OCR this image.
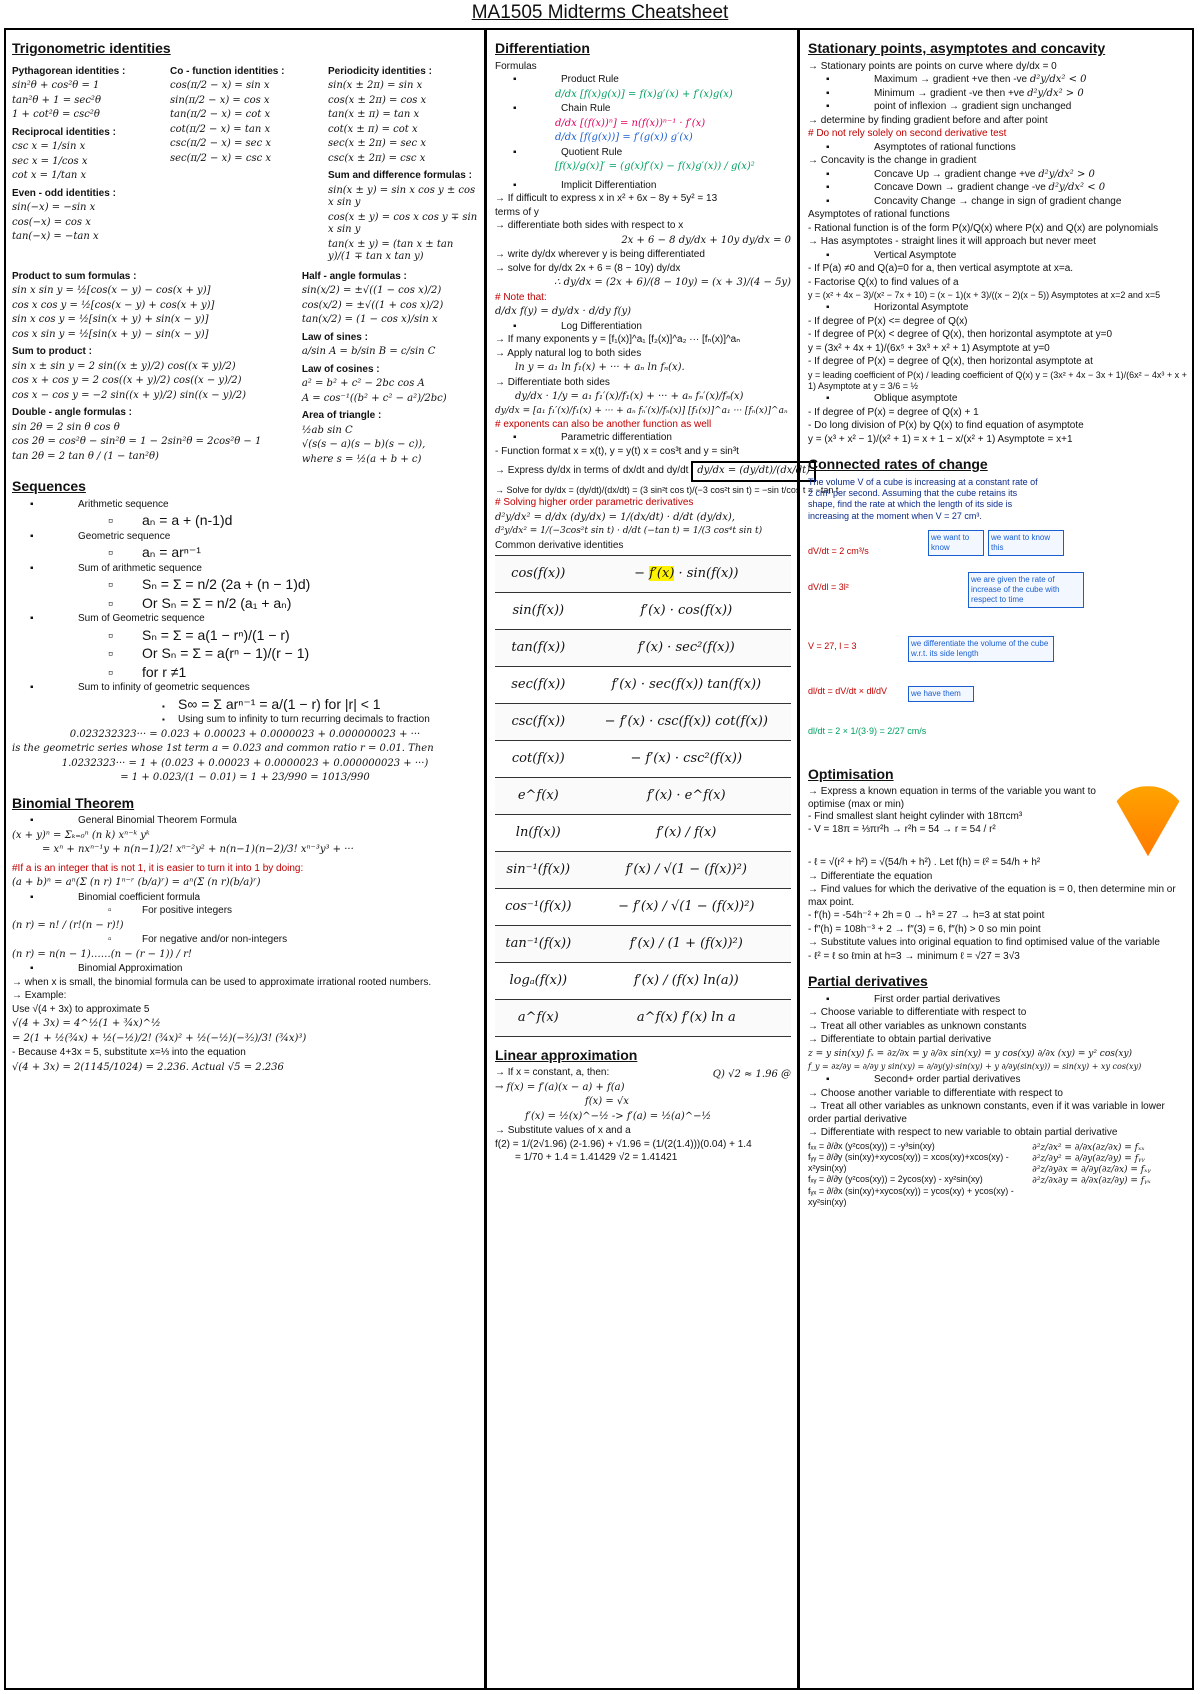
MA1505 Midterms Cheatsheet
Trigonometric identities
Pythagorean identities :
sin²θ + cos²θ = 1
tan²θ + 1 = sec²θ
1 + cot²θ = csc²θ
Reciprocal identities :
csc x = 1/sin x
sec x = 1/cos x
cot x = 1/tan x
Even - odd identities :
sin(−x) = −sin x
cos(−x) = cos x
tan(−x) = −tan x
Co - function identities :
cos(π/2 − x) = sin x
sin(π/2 − x) = cos x
tan(π/2 − x) = cot x
cot(π/2 − x) = tan x
csc(π/2 − x) = sec x
sec(π/2 − x) = csc x
Periodicity identities :
sin(x ± 2π) = sin x
cos(x ± 2π) = cos x
tan(x ± π) = tan x
cot(x ± π) = cot x
sec(x ± 2π) = sec x
csc(x ± 2π) = csc x
Sum and difference formulas :
sin(x ± y) = sin x cos y ± cos x sin y
cos(x ± y) = cos x cos y ∓ sin x sin y
tan(x ± y) = (tan x ± tan y)/(1 ∓ tan x tan y)
Product to sum formulas :
sin x sin y = ½[cos(x − y) − cos(x + y)]
cos x cos y = ½[cos(x − y) + cos(x + y)]
sin x cos y = ½[sin(x + y) + sin(x − y)]
cos x sin y = ½[sin(x + y) − sin(x − y)]
Sum to product :
sin x ± sin y = 2 sin((x ± y)/2) cos((x ∓ y)/2)
cos x + cos y = 2 cos((x + y)/2) cos((x − y)/2)
cos x − cos y = −2 sin((x + y)/2) sin((x − y)/2)
Double - angle formulas :
sin 2θ = 2 sin θ cos θ
cos 2θ = cos²θ − sin²θ = 1 − 2sin²θ = 2cos²θ − 1
tan 2θ = 2 tan θ / (1 − tan²θ)
Half - angle formulas :
sin(x/2) = ±√((1 − cos x)/2)
cos(x/2) = ±√((1 + cos x)/2)
tan(x/2) = (1 − cos x)/sin x
Law of sines :
a/sin A = b/sin B = c/sin C
Law of cosines :
a² = b² + c² − 2bc cos A
A = cos⁻¹((b² + c² − a²)/2bc)
Area of triangle :
½ab sin C
√(s(s − a)(s − b)(s − c)),
where s = ½(a + b + c)
Sequences
▪ Arithmetic sequence
▫ aₙ = a + (n-1)d
▪ Geometric sequence
▫ aₙ = arⁿ⁻¹
▪ Sum of arithmetic sequence
▫ Sₙ = Σ = n/2 (2a + (n − 1)d)
▫ Or Sₙ = Σ = n/2 (a₁ + aₙ)
▪ Sum of Geometric sequence
▫ Sₙ = Σ = a(1 − rⁿ)/(1 − r)
▫ Or Sₙ = Σ = a(rⁿ − 1)/(r − 1)
▫ for r ≠1
▪ Sum to infinity of geometric sequences
▪ S∞ = Σ arⁿ⁻¹ = a/(1 − r) for |r| < 1
▪ Using sum to infinity to turn recurring decimals to fraction
0.023232323··· = 0.023 + 0.00023 + 0.0000023 + 0.000000023 + ···
is the geometric series whose 1st term a = 0.023 and common ratio r = 0.01. Then
1.0232323··· = 1 + (0.023 + 0.00023 + 0.0000023 + 0.000000023 + ···)
= 1 + 0.023/(1 − 0.01) = 1 + 23/990 = 1013/990
Binomial Theorem
▪ General Binomial Theorem Formula
(x + y)ⁿ = Σₖ₌₀ⁿ (n k) xⁿ⁻ᵏ yᵏ
= xⁿ + nxⁿ⁻¹y + n(n−1)/2! xⁿ⁻²y² + n(n−1)(n−2)/3! xⁿ⁻³y³ + ···
#If a is an integer that is not 1, it is easier to turn it into 1 by doing:
(a + b)ⁿ = aⁿ(Σ (n r) 1ⁿ⁻ʳ (b/a)ʳ) = aⁿ(Σ (n r)(b/a)ʳ)
▪ Binomial coefficient formula
▫ For positive integers
(n r) = n! / (r!(n − r)!)
▫ For negative and/or non-integers
(n r) = n(n − 1)……(n − (r − 1)) / r!
▪ Binomial Approximation
→ when x is small, the binomial formula can be used to approximate irrational rooted numbers.
→ Example:
Use √(4 + 3x) to approximate 5
√(4 + 3x) = 4^½(1 + ¾x)^½
= 2(1 + ½(¾x) + ½(−½)/2! (¾x)² + ½(−½)(−³⁄₂)/3! (¾x)³)
- Because 4+3x = 5, substitute x=⅓ into the equation
√(4 + 3x) = 2(1145/1024) = 2.236. Actual √5 = 2.236
Differentiation
Formulas
▪ Product Rule
d/dx [f(x)g(x)] = f(x)g′(x) + f′(x)g(x)
▪ Chain Rule
d/dx [(f(x))ⁿ] = n(f(x))ⁿ⁻¹ · f′(x)
d/dx [f(g(x))] = f′(g(x)) g′(x)
▪ Quotient Rule
[f(x)/g(x)]′ = (g(x)f′(x) − f(x)g′(x)) / g(x)²
▪ Implicit Differentiation
→ If difficult to express x in x² + 6x − 8y + 5y² = 13
terms of y
→ differentiate both sides with respect to x
2x + 6 − 8 dy/dx + 10y dy/dx = 0
→ write dy/dx wherever y is being differentiated
→ solve for dy/dx 2x + 6 = (8 − 10y) dy/dx
∴ dy/dx = (2x + 6)/(8 − 10y) = (x + 3)/(4 − 5y)
# Note that:
d/dx f(y) = dy/dx · d/dy f(y)
▪ Log Differentiation
→ If many exponents y = [f₁(x)]^a₁ [f₂(x)]^a₂ ··· [fₙ(x)]^aₙ
→ Apply natural log to both sides
ln y = a₁ ln f₁(x) + ··· + aₙ ln fₙ(x).
→ Differentiate both sides
dy/dx · 1/y = a₁ f₁′(x)/f₁(x) + ··· + aₙ fₙ′(x)/fₙ(x)
dy/dx = [a₁ f₁′(x)/f₁(x) + ··· + aₙ fₙ′(x)/fₙ(x)] [f₁(x)]^a₁ ··· [fₙ(x)]^aₙ
# exponents can also be another function as well
▪ Parametric differentiation
- Function format x = x(t), y = y(t) x = cos³t and y = sin³t
→ Express dy/dx in terms of dx/dt and dy/dt dy/dx = (dy/dt)/(dx/dt)
→ Solve for dy/dx = (dy/dt)/(dx/dt) = (3 sin²t cos t)/(−3 cos²t sin t) = −sin t/cos t = −tan t
# Solving higher order parametric derivatives
d²y/dx² = d/dx (dy/dx) = 1/(dx/dt) · d/dt (dy/dx),
d²y/dx² = 1/(−3cos²t sin t) · d/dt (−tan t) = 1/(3 cos⁴t sin t)
Common derivative identities
cos(f(x))	− f′(x) · sin(f(x))
sin(f(x))	f′(x) · cos(f(x))
tan(f(x))	f′(x) · sec²(f(x))
sec(f(x))	f′(x) · sec(f(x)) tan(f(x))
csc(f(x))	− f′(x) · csc(f(x)) cot(f(x))
cot(f(x))	− f′(x) · csc²(f(x))
e^f(x)	f′(x) · e^f(x)
ln(f(x))	f′(x) / f(x)
sin⁻¹(f(x))	f′(x) / √(1 − (f(x))²)
cos⁻¹(f(x))	− f′(x) / √(1 − (f(x))²)
tan⁻¹(f(x))	f′(x) / (1 + (f(x))²)
logₐ(f(x))	f′(x) / (f(x) ln(a))
a^f(x)	a^f(x) f′(x) ln a
Linear approximation
→ If x = constant, a, then:	Q) √2 ≈ 1.96 @
→ f(x) = f′(a)(x − a) + f(a)
f(x) = √x
f′(x) = ½(x)^−½ -> f′(a) = ½(a)^−½
→ Substitute values of x and a
f(2) = 1/(2√1.96) (2-1.96) + √1.96 = (1/(2(1.4)))(0.04) + 1.4
= 1/70 + 1.4 = 1.41429 √2 = 1.41421
Stationary points, asymptotes and concavity
→ Stationary points are points on curve where dy/dx = 0
▪ Maximum → gradient +ve then -ve d²y/dx² < 0
▪ Minimum → gradient -ve then +ve d²y/dx² > 0
▪ point of inflexion → gradient sign unchanged
→ determine by finding gradient before and after point
# Do not rely solely on second derivative test
▪ Asymptotes of rational functions
→ Concavity is the change in gradient
▪ Concave Up → gradient change +ve d²y/dx² > 0
▪ Concave Down → gradient change -ve d²y/dx² < 0
▪ Concavity Change → change in sign of gradient change
Asymptotes of rational functions
- Rational function is of the form P(x)/Q(x) where P(x) and Q(x) are polynomials
→ Has asymptotes - straight lines it will approach but never meet
▪ Vertical Asymptote
- If P(a) ≠0 and Q(a)=0 for a, then vertical asymptote at x=a.
- Factorise Q(x) to find values of a
y = (x² + 4x − 3)/(x² − 7x + 10) = (x − 1)(x + 3)/((x − 2)(x − 5)) Asymptotes at x=2 and x=5
▪ Horizontal Asymptote
- If degree of P(x) <= degree of Q(x)
- If degree of P(x) < degree of Q(x), then horizontal asymptote at y=0
y = (3x² + 4x + 1)/(6x⁵ + 3x³ + x² + 1) Asymptote at y=0
- If degree of P(x) = degree of Q(x), then horizontal asymptote at
y = leading coefficient of P(x) / leading coefficient of Q(x) y = (3x² + 4x − 3x + 1)/(6x² − 4x³ + x + 1) Asymptote at y = 3/6 = ½
▪ Oblique asymptote
- If degree of P(x) = degree of Q(x) + 1
- Do long division of P(x) by Q(x) to find equation of asymptote
y = (x³ + x² − 1)/(x² + 1) = x + 1 − x/(x² + 1) Asymptote = x+1
Connected rates of change
The volume V of a cube is increasing at a constant rate of 2 cm³ per second. Assuming that the cube retains its shape, find the rate at which the length of its side is increasing at the moment when V = 27 cm³.
we want to know
we want to know this
we are given the rate of increase of the cube with respect to time
we differentiate the volume of the cube w.r.t. its side length
we have them
dV/dt = 2 cm³/s
dV/dl = 3l²
V = 27, l = 3
dl/dt = dV/dt × dl/dV
dl/dt = 2 × 1/(3·9) = 2/27 cm/s
Optimisation
→ Express a known equation in terms of the variable you want to optimise (max or min)
- Find smallest slant height cylinder with 18πcm³
- V = 18π = ⅓πr²h → r²h = 54 → r = 54 / r²
- ℓ = √(r² + h²) = √(54/h + h²) . Let f(h) = ℓ² = 54/h + h²
→ Differentiate the equation
→ Find values for which the derivative of the equation is = 0, then determine min or max point.
- f′(h) = -54h⁻² + 2h = 0 → h³ = 27 → h=3 at stat point
- f″(h) = 108h⁻³ + 2 → f″(3) = 6, f″(h) > 0 so min point
→ Substitute values into original equation to find optimised value of the variable
- ℓ² = ℓ so ℓmin at h=3 → minimum ℓ = √27 = 3√3
Partial derivatives
▪ First order partial derivatives
→ Choose variable to differentiate with respect to
→ Treat all other variables as unknown constants
→ Differentiate to obtain partial derivative
z = y sin(xy) fₓ = ∂z/∂x = y ∂/∂x sin(xy) = y cos(xy) ∂/∂x (xy) = y² cos(xy)
f_y = ∂z/∂y = ∂/∂y y sin(xy) = ∂/∂y(y)·sin(xy) + y ∂/∂y(sin(xy)) = sin(xy) + xy cos(xy)
▪ Second+ order partial derivatives
→ Choose another variable to differentiate with respect to
→ Treat all other variables as unknown constants, even if it was variable in lower order partial derivative
→ Differentiate with respect to new variable to obtain partial derivative
fₓₓ = ∂/∂x (y²cos(xy)) = -y³sin(xy)
fᵧᵧ = ∂/∂y (sin(xy)+xycos(xy)) = xcos(xy)+xcos(xy) - x²ysin(xy)
fₓᵧ = ∂/∂y (y²cos(xy)) = 2ycos(xy) - xy²sin(xy)
fᵧₓ = ∂/∂x (sin(xy)+xycos(xy)) = ycos(xy) + ycos(xy) - xy²sin(xy)
∂²z/∂x² = ∂/∂x(∂z/∂x) = fₓₓ
∂²z/∂y² = ∂/∂y(∂z/∂y) = fᵧᵧ
∂²z/∂y∂x = ∂/∂y(∂z/∂x) = fₓᵧ
∂²z/∂x∂y = ∂/∂x(∂z/∂y) = fᵧₓ
